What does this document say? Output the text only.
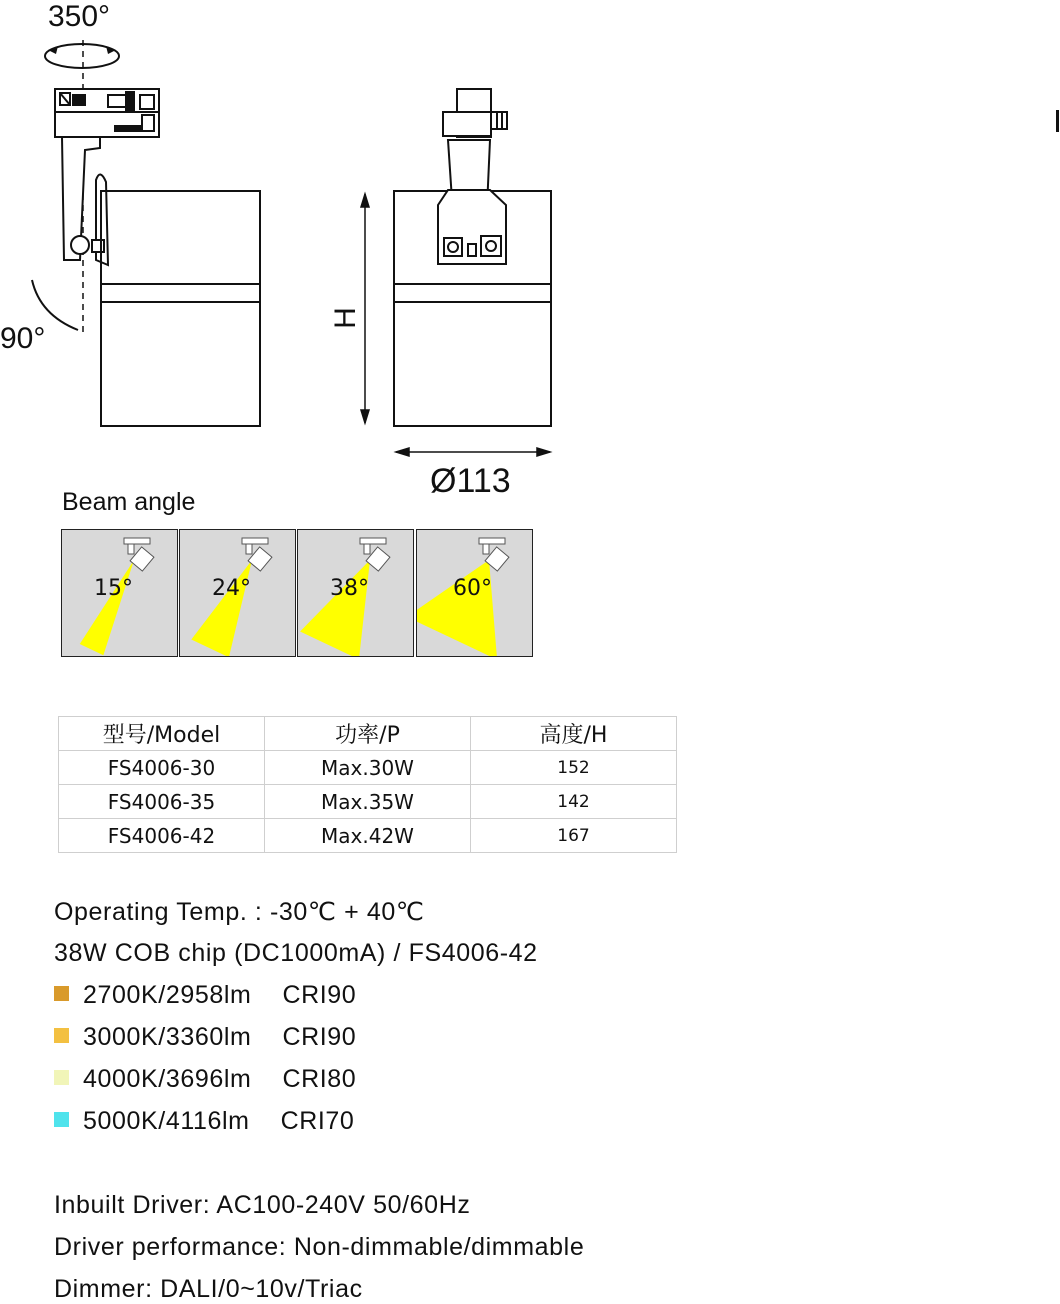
350°
90°
H
Ø113
Beam angle
15°	24°	38°	60°
型号/Model	功率/P	高度/H
FS4006-30	Max.30W	152
FS4006-35	Max.35W	142
FS4006-42	Max.42W	167
Operating Temp. : -30℃ + 40℃
38W COB chip (DC1000mA) / FS4006-42
2700K/2958lm CRI90
3000K/3360lm CRI90
4000K/3696lm CRI80
5000K/4116lm CRI70
Inbuilt Driver: AC100-240V 50/60Hz
Driver performance: Non-dimmable/dimmable
Dimmer: DALI/0~10v/Triac
